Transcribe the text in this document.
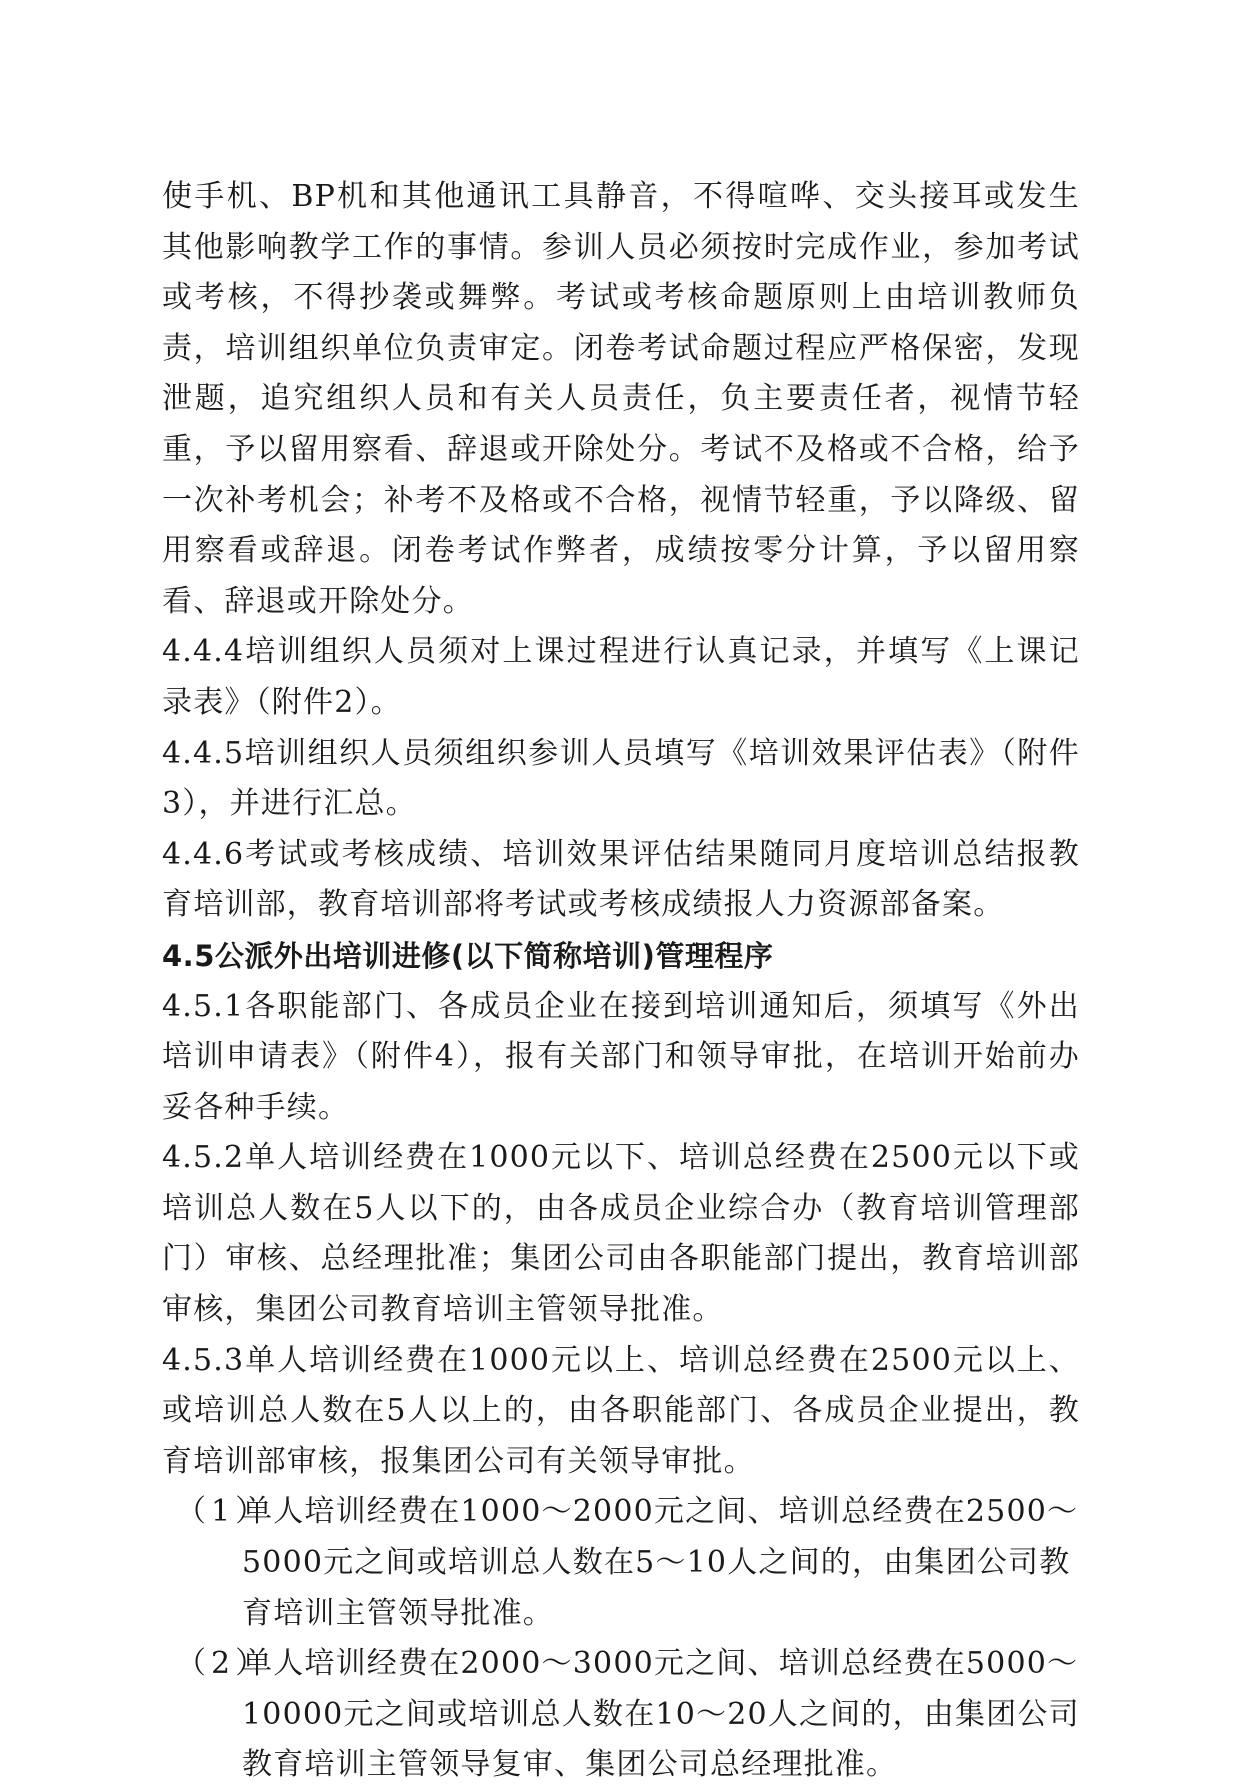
使手机、BP机和其他通讯工具静音，不得喧哗、交头接耳或发生其他影响教学工作的事情。参训人员必须按时完成作业，参加考试或考核，不得抄袭或舞弊。考试或考核命题原则上由培训教师负责，培训组织单位负责审定。闭卷考试命题过程应严格保密，发现泄题，追究组织人员和有关人员责任，负主要责任者，视情节轻重，予以留用察看、辞退或开除处分。考试不及格或不合格，给予一次补考机会；补考不及格或不合格，视情节轻重，予以降级、留用察看或辞退。闭卷考试作弊者，成绩按零分计算，予以留用察看、辞退或开除处分。

4.4.4培训组织人员须对上课过程进行认真记录，并填写《上课记录表》（附件2）。

4.4.5培训组织人员须组织参训人员填写《培训效果评估表》（附件3），并进行汇总。

4.4.6考试或考核成绩、培训效果评估结果随同月度培训总结报教育培训部，教育培训部将考试或考核成绩报人力资源部备案。

4.5公派外出培训进修(以下简称培训)管理程序

4.5.1各职能部门、各成员企业在接到培训通知后，须填写《外出培训申请表》（附件4），报有关部门和领导审批，在培训开始前办妥各种手续。

4.5.2单人培训经费在1000元以下、培训总经费在2500元以下或培训总人数在5人以下的，由各成员企业综合办（教育培训管理部门）审核、总经理批准；集团公司由各职能部门提出，教育培训部审核，集团公司教育培训主管领导批准。

4.5.3单人培训经费在1000元以上、培训总经费在2500元以上、或培训总人数在5人以上的，由各职能部门、各成员企业提出，教育培训部审核，报集团公司有关领导审批。

（1）
单人培训经费在1000～2000元之间、培训总经费在2500～5000元之间或培训总人数在5～10人之间的，由集团公司教育培训主管领导批准。
（2）
单人培训经费在2000～3000元之间、培训总经费在5000～10000元之间或培训总人数在10～20人之间的，由集团公司教育培训主管领导复审、集团公司总经理批准。
